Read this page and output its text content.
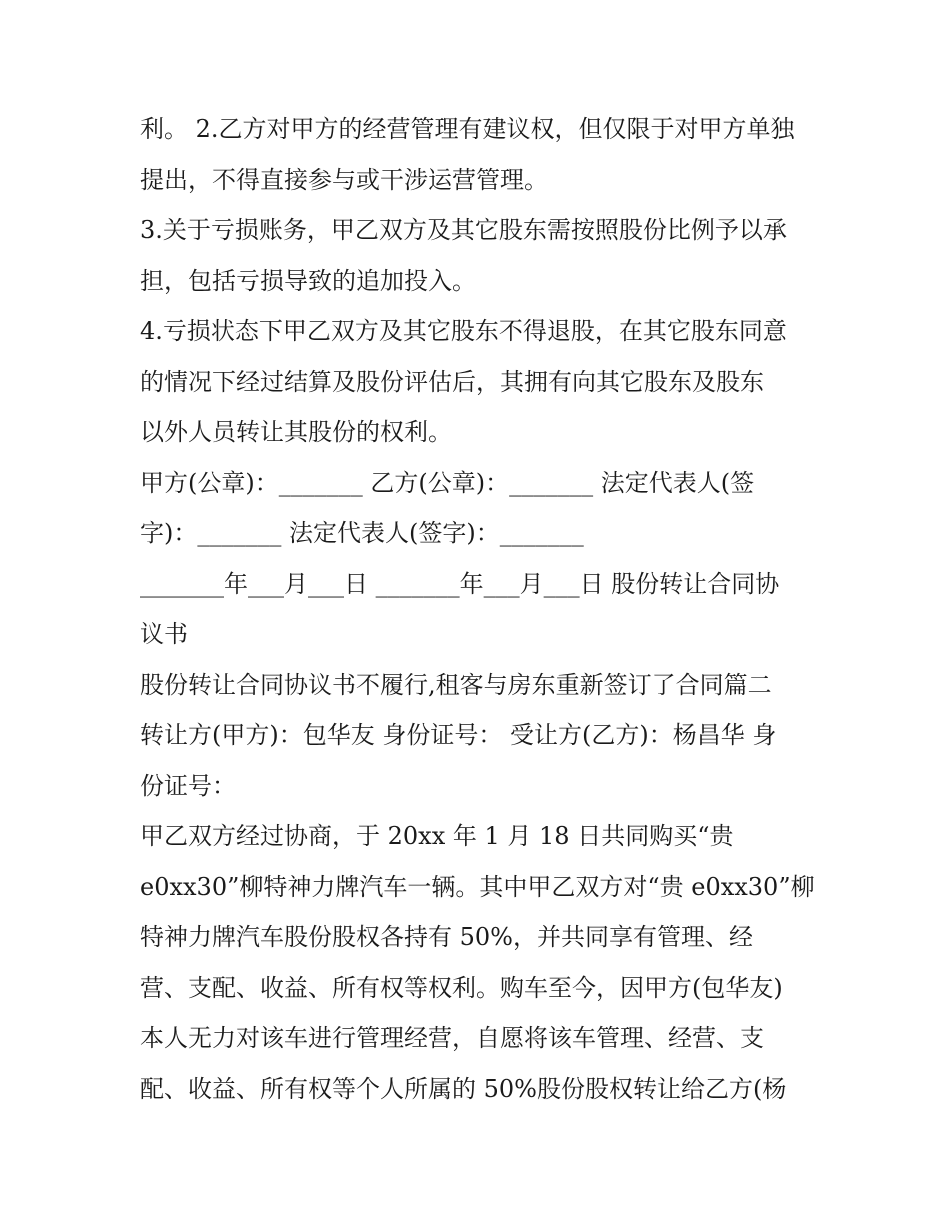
利。 2.乙方对甲方的经营管理有建议权，但仅限于对甲方单独
提出，不得直接参与或干涉运营管理。
3.关于亏损账务，甲乙双方及其它股东需按照股份比例予以承
担，包括亏损导致的追加投入。
4.亏损状态下甲乙双方及其它股东不得退股，在其它股东同意
的情况下经过结算及股份评估后，其拥有向其它股东及股东
以外人员转让其股份的权利。
甲方(公章)：_______ 乙方(公章)：_______ 法定代表人(签
字)：_______ 法定代表人(签字)：_______
_______年___月___日 _______年___月___日 股份转让合同协
议书
股份转让合同协议书不履行,租客与房东重新签订了合同篇二
转让方(甲方)：包华友 身份证号： 受让方(乙方)：杨昌华 身
份证号：
甲乙双方经过协商，于 20xx 年 1 月 18 日共同购买“贵
e0xx30”柳特神力牌汽车一辆。其中甲乙双方对“贵 e0xx30”柳
特神力牌汽车股份股权各持有 50%，并共同享有管理、经
营、支配、收益、所有权等权利。购车至今，因甲方(包华友)
本人无力对该车进行管理经营，自愿将该车管理、经营、支
配、收益、所有权等个人所属的 50%股份股权转让给乙方(杨
